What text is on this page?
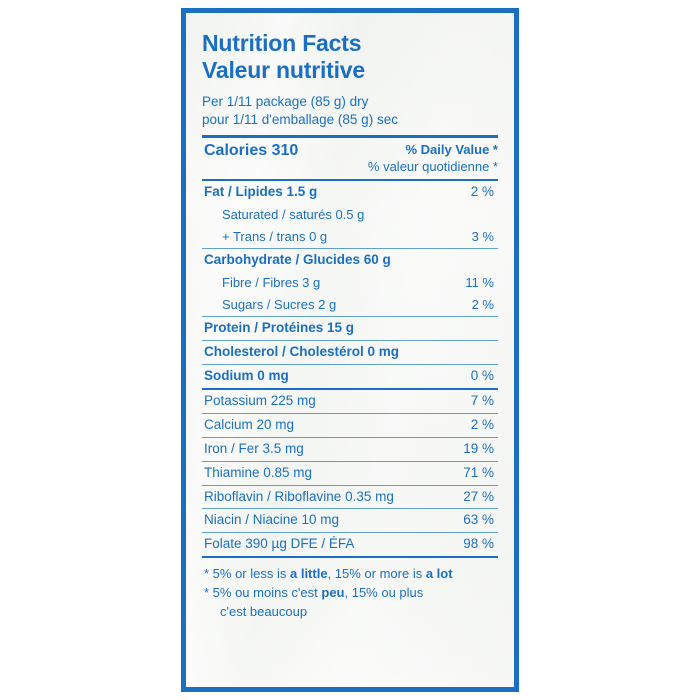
Nutrition Facts
Valeur nutritive
Per 1/11 package (85 g) dry
pour 1/11 d'emballage (85 g) sec
Calories 310	% Daily Value *
% valeur quotidienne *
Fat / Lipides 1.5 g	2 %
Saturated / saturés 0.5 g
+ Trans / trans 0 g	3 %
Carbohydrate / Glucides 60 g
Fibre / Fibres 3 g	11 %
Sugars / Sucres 2 g	2 %
Protein / Protéines 15 g
Cholesterol / Cholestérol 0 mg
Sodium 0 mg	0 %
Potassium 225 mg	7 %
Calcium 20 mg	2 %
Iron / Fer 3.5 mg	19 %
Thiamine 0.85 mg	71 %
Riboflavin / Riboflavine 0.35 mg	27 %
Niacin / Niacine 10 mg	63 %
Folate 390 µg DFE / ÉFA	98 %
* 5% or less is a little, 15% or more is a lot
* 5% ou moins c'est peu, 15% ou plus
c'est beaucoup
